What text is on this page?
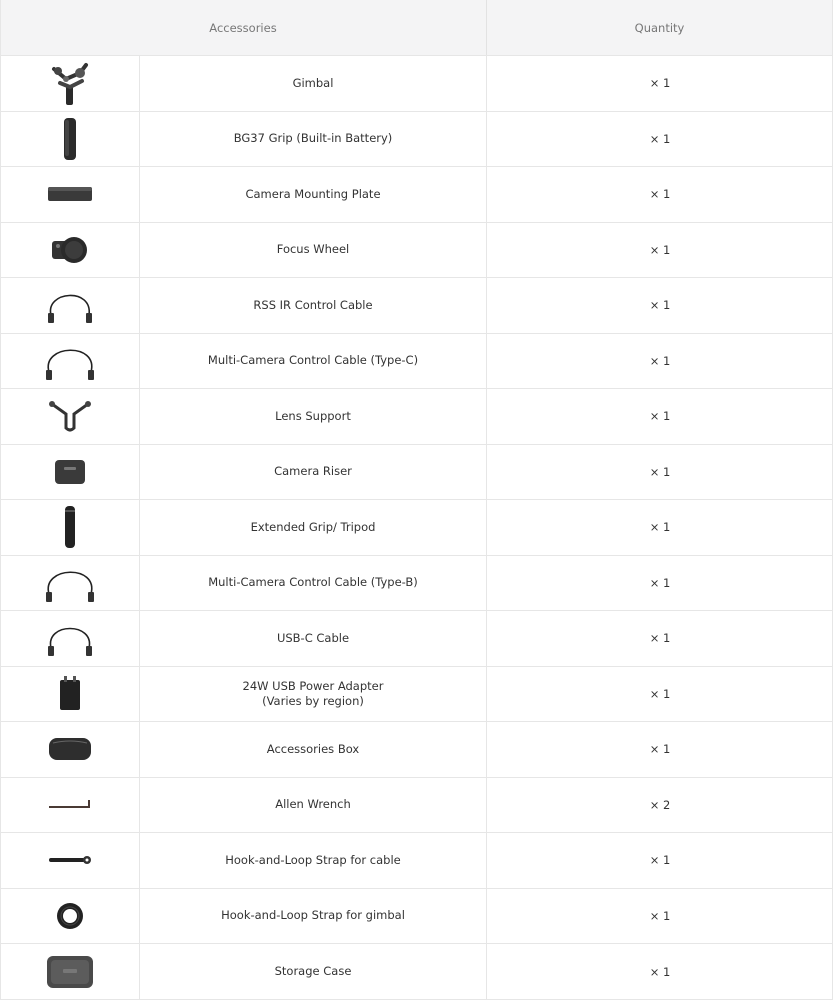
Accessories	Quantity
Gimbal	× 1
BG37 Grip (Built-in Battery)	× 1
Camera Mounting Plate	× 1
Focus Wheel	× 1
RSS IR Control Cable	× 1
Multi-Camera Control Cable (Type-C)	× 1
Lens Support	× 1
Camera Riser	× 1
Extended Grip/ Tripod	× 1
Multi-Camera Control Cable (Type-B)	× 1
USB-C Cable	× 1
24W USB Power Adapter
(Varies by region)	× 1
Accessories Box	× 1
Allen Wrench	× 2
Hook-and-Loop Strap for cable	× 1
Hook-and-Loop Strap for gimbal	× 1
Storage Case	× 1
